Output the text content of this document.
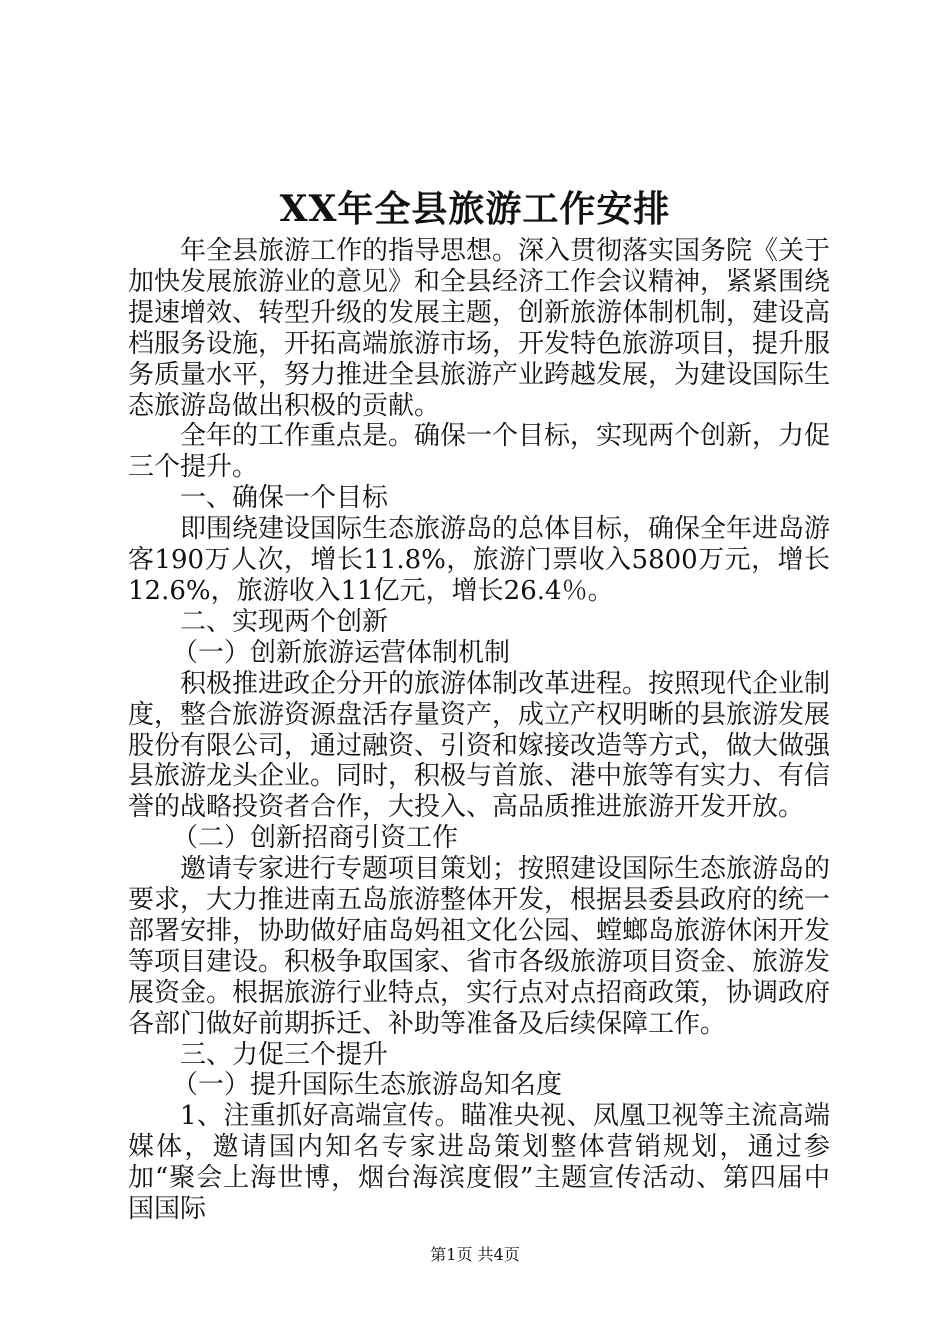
XX年全县旅游工作安排

年全县旅游工作的指导思想。深入贯彻落实国务院《关于加快发展旅游业的意见》和全县经济工作会议精神，紧紧围绕提速增效、转型升级的发展主题，创新旅游体制机制，建设高档服务设施，开拓高端旅游市场，开发特色旅游项目，提升服务质量水平，努力推进全县旅游产业跨越发展，为建设国际生态旅游岛做出积极的贡献。

全年的工作重点是。确保一个目标，实现两个创新，力促三个提升。

一、确保一个目标

即围绕建设国际生态旅游岛的总体目标，确保全年进岛游客190万人次，增长11.8%，旅游门票收入5800万元，增长12.6%，旅游收入11亿元，增长26.4％。

二、实现两个创新

（一）创新旅游运营体制机制

积极推进政企分开的旅游体制改革进程。按照现代企业制度，整合旅游资源盘活存量资产，成立产权明晰的县旅游发展股份有限公司，通过融资、引资和嫁接改造等方式，做大做强县旅游龙头企业。同时，积极与首旅、港中旅等有实力、有信誉的战略投资者合作，大投入、高品质推进旅游开发开放。

（二）创新招商引资工作

邀请专家进行专题项目策划；按照建设国际生态旅游岛的要求，大力推进南五岛旅游整体开发，根据县委县政府的统一部署安排，协助做好庙岛妈祖文化公园、螳螂岛旅游休闲开发等项目建设。积极争取国家、省市各级旅游项目资金、旅游发展资金。根据旅游行业特点，实行点对点招商政策，协调政府各部门做好前期拆迁、补助等准备及后续保障工作。

三、力促三个提升

（一）提升国际生态旅游岛知名度

1、注重抓好高端宣传。瞄准央视、凤凰卫视等主流高端媒体，邀请国内知名专家进岛策划整体营销规划，通过参加“聚会上海世博，烟台海滨度假”主题宣传活动、第四届中国国际

第1页 共4页
